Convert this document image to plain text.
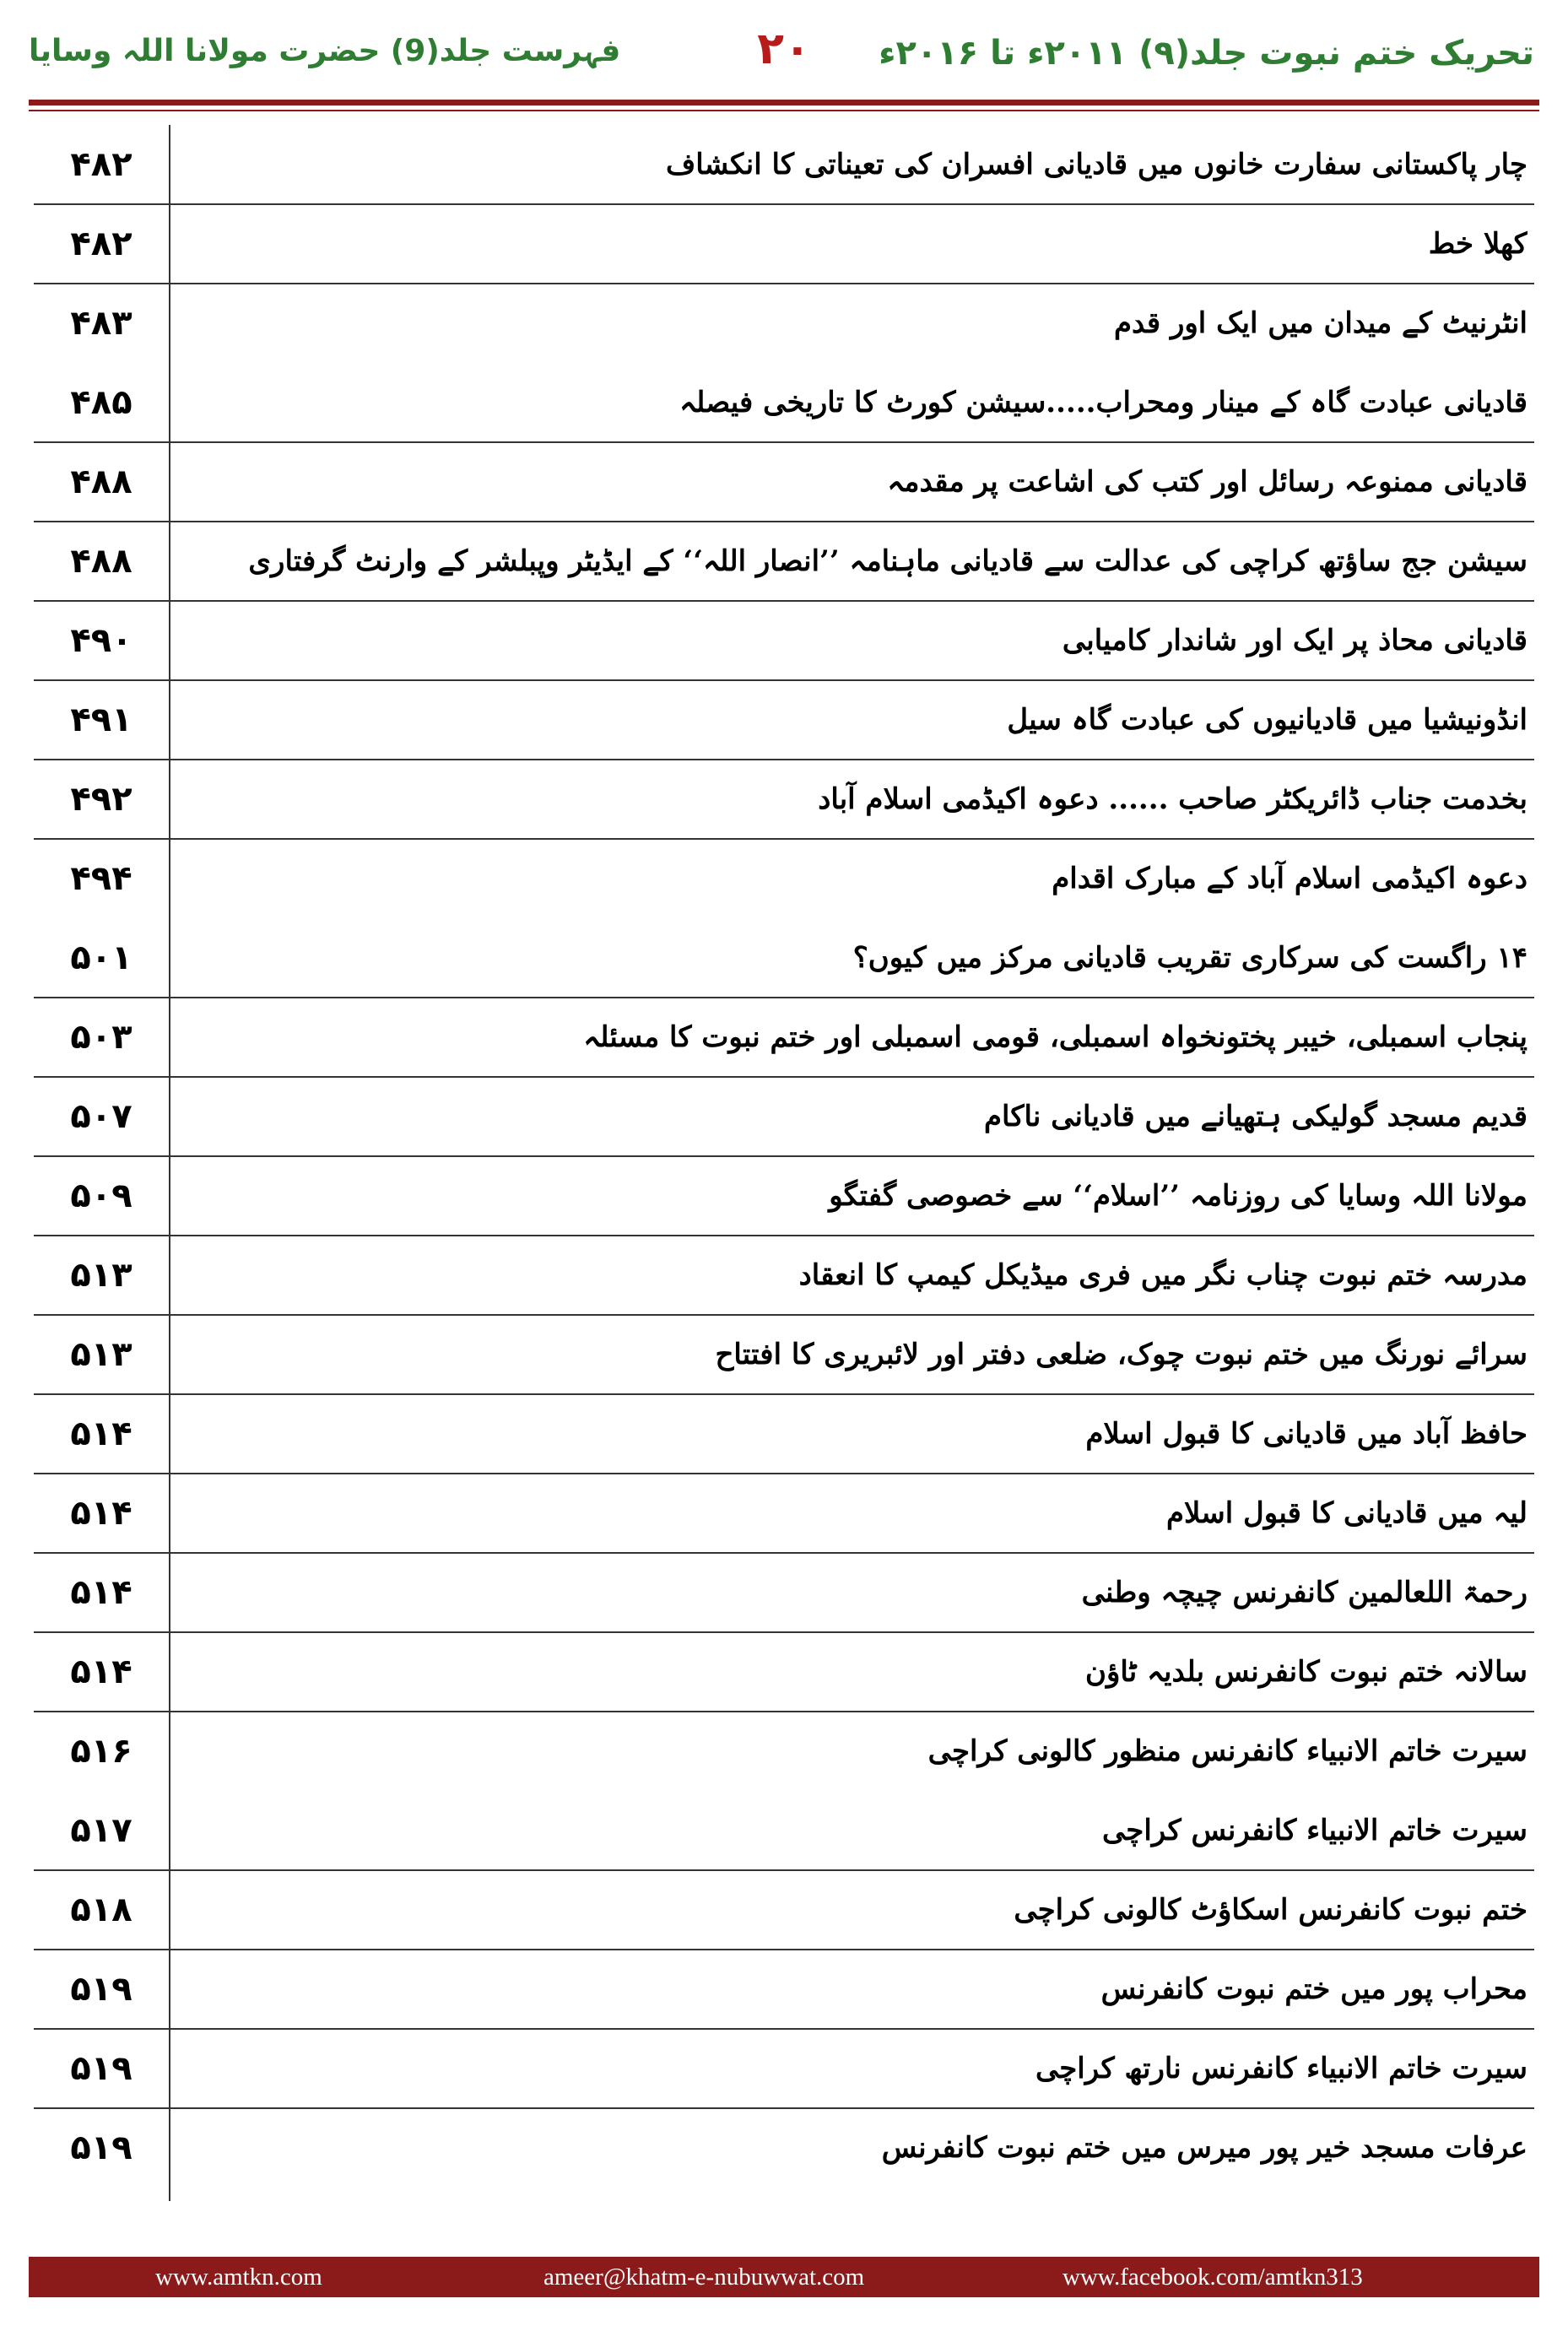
تحریک ختم نبوت جلد(۹) ۲۰۱۱ء تا ۲۰۱۶ء
۲۰
فہرست جلد(9) حضرت مولانا اللہ وسایا
۴۸۲	چار پاکستانی سفارت خانوں میں قادیانی افسران کی تعیناتی کا انکشاف
۴۸۲	کھلا خط
۴۸۳	انٹرنیٹ کے میدان میں ایک اور قدم
۴۸۵	قادیانی عبادت گاہ کے مینار ومحراب.....سیشن کورٹ کا تاریخی فیصلہ
۴۸۸	قادیانی ممنوعہ رسائل اور کتب کی اشاعت پر مقدمہ
۴۸۸	سیشن جج ساؤتھ کراچی کی عدالت سے قادیانی ماہنامہ ’’انصار اللہ‘‘ کے ایڈیٹر وپبلشر کے وارنٹ گرفتاری
۴۹۰	قادیانی محاذ پر ایک اور شاندار کامیابی
۴۹۱	انڈونیشیا میں قادیانیوں کی عبادت گاہ سیل
۴۹۲	بخدمت جناب ڈائریکٹر صاحب ...... دعوہ اکیڈمی اسلام آباد
۴۹۴	دعوہ اکیڈمی اسلام آباد کے مبارک اقدام
۵۰۱	۱۴ راگست کی سرکاری تقریب قادیانی مرکز میں کیوں؟
۵۰۳	پنجاب اسمبلی، خیبر پختونخواہ اسمبلی، قومی اسمبلی اور ختم نبوت کا مسئلہ
۵۰۷	قدیم مسجد گولیکی ہتھیانے میں قادیانی ناکام
۵۰۹	مولانا اللہ وسایا کی روزنامہ ’’اسلام‘‘ سے خصوصی گفتگو
۵۱۳	مدرسہ ختم نبوت چناب نگر میں فری میڈیکل کیمپ کا انعقاد
۵۱۳	سرائے نورنگ میں ختم نبوت چوک، ضلعی دفتر اور لائبریری کا افتتاح
۵۱۴	حافظ آباد میں قادیانی کا قبول اسلام
۵۱۴	لیہ میں قادیانی کا قبول اسلام
۵۱۴	رحمۃ اللعالمین کانفرنس چیچہ وطنی
۵۱۴	سالانہ ختم نبوت کانفرنس بلدیہ ٹاؤن
۵۱۶	سیرت خاتم الانبیاء کانفرنس منظور کالونی کراچی
۵۱۷	سیرت خاتم الانبیاء کانفرنس کراچی
۵۱۸	ختم نبوت کانفرنس اسکاؤٹ کالونی کراچی
۵۱۹	محراب پور میں ختم نبوت کانفرنس
۵۱۹	سیرت خاتم الانبیاء کانفرنس نارتھ کراچی
۵۱۹	عرفات مسجد خیر پور میرس میں ختم نبوت کانفرنس
www.amtkn.com	ameer@khatm-e-nubuwwat.com	www.facebook.com/amtkn313
